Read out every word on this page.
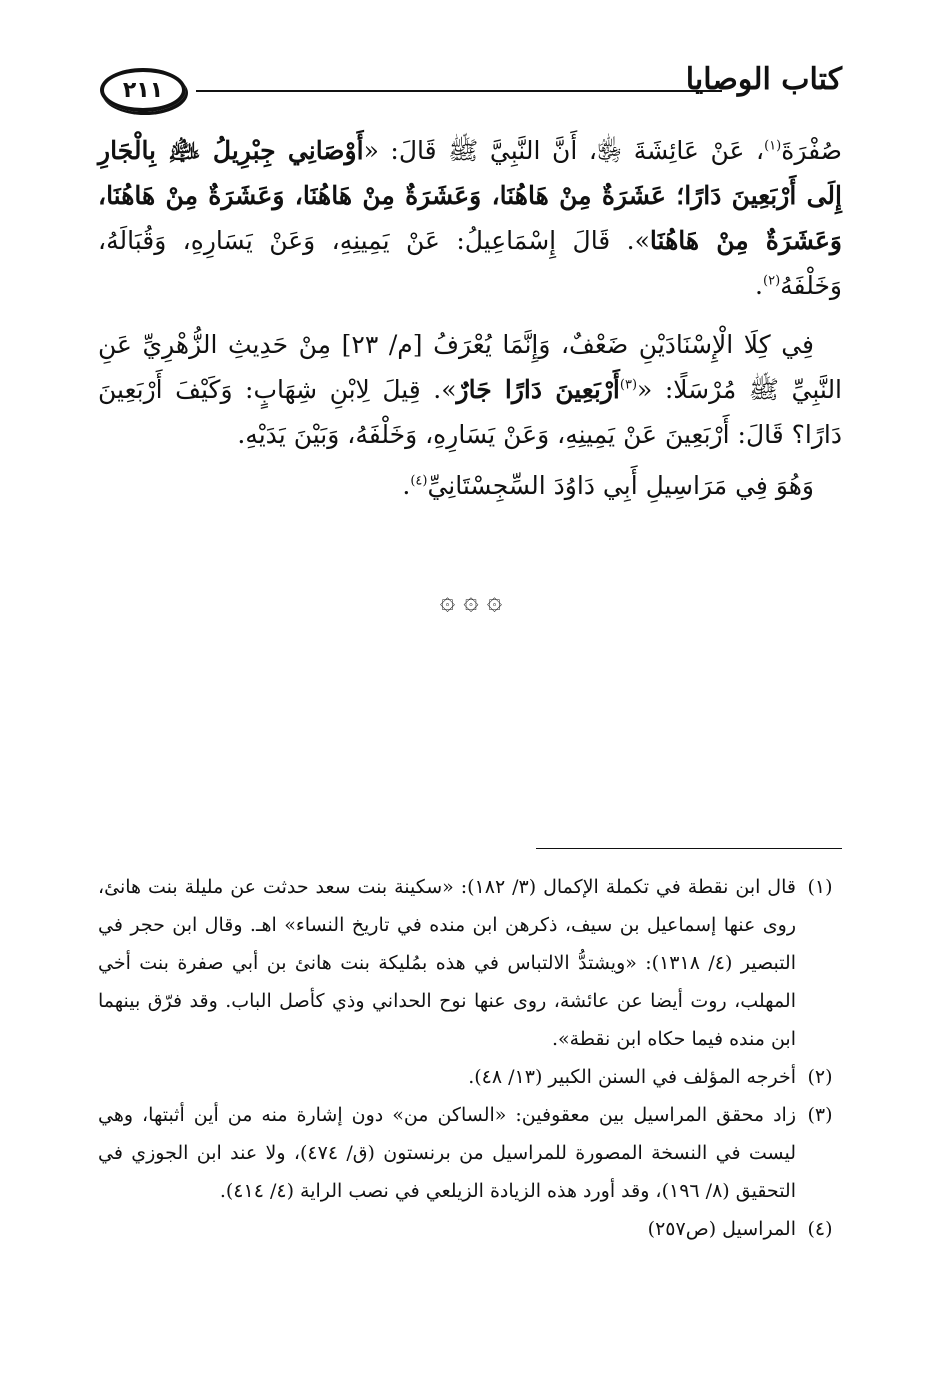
٢١١	كتاب الوصايا

صُفْرَةَ$^{(١)}$، عَنْ عَائِشَةَ ﵂، أَنَّ النَّبِيَّ ﷺ قَالَ: «أَوْصَانِي جِبْرِيلُ ﵇ بِالْجَارِ إِلَى أَرْبَعِينَ دَارًا؛ عَشَرَةٌ مِنْ هَاهُنَا، وَعَشَرَةٌ مِنْ هَاهُنَا، وَعَشَرَةٌ مِنْ هَاهُنَا، وَعَشَرَةٌ مِنْ هَاهُنَا». قَالَ إِسْمَاعِيلُ: عَنْ يَمِينِهِ، وَعَنْ يَسَارِهِ، وَقُبَالَهُ، وَخَلْفَهُ$^{(٢)}$.

فِي كِلَا الْإِسْنَادَيْنِ ضَعْفٌ، وَإِنَّمَا يُعْرَفُ [م/ ٢٣] مِنْ حَدِيثِ الزُّهْرِيِّ عَنِ النَّبِيِّ ﷺ مُرْسَلًا: «$^{(٣)}$أَرْبَعِينَ دَارًا جَارٌ». قِيلَ لِابْنِ شِهَابٍ: وَكَيْفَ أَرْبَعِينَ دَارًا؟ قَالَ: أَرْبَعِينَ عَنْ يَمِينِهِ، وَعَنْ يَسَارِهِ، وَخَلْفَهُ، وَبَيْنَ يَدَيْهِ.

وَهُوَ فِي مَرَاسِيلِ أَبِي دَاوُدَ السِّجِسْتَانِيِّ$^{(٤)}$.

۞ ۞ ۞
(١)
قال ابن نقطة في تكملة الإكمال (٣/ ١٨٢): «سكينة بنت سعد حدثت عن مليلة بنت هانئ، روى عنها إسماعيل بن سيف، ذكرهن ابن منده في تاريخ النساء» اهـ. وقال ابن حجر في التبصير (٤/ ١٣١٨): «ويشتدُّ الالتباس في هذه بمُليكة بنت هانئ بن أبي صفرة بنت أخي المهلب، روت أيضا عن عائشة، روى عنها نوح الحداني وذي كأصل الباب. وقد فرّق بينهما ابن منده فيما حكاه ابن نقطة».
(٢)
أخرجه المؤلف في السنن الكبير (١٣/ ٤٨).
(٣)
زاد محقق المراسيل بين معقوفين: «الساكن من» دون إشارة منه من أين أثبتها، وهي ليست في النسخة المصورة للمراسيل من برنستون (ق/ ٤٧٤)، ولا عند ابن الجوزي في التحقيق (٨/ ١٩٦)، وقد أورد هذه الزيادة الزيلعي في نصب الراية (٤/ ٤١٤).
(٤)
المراسيل (ص٢٥٧)
